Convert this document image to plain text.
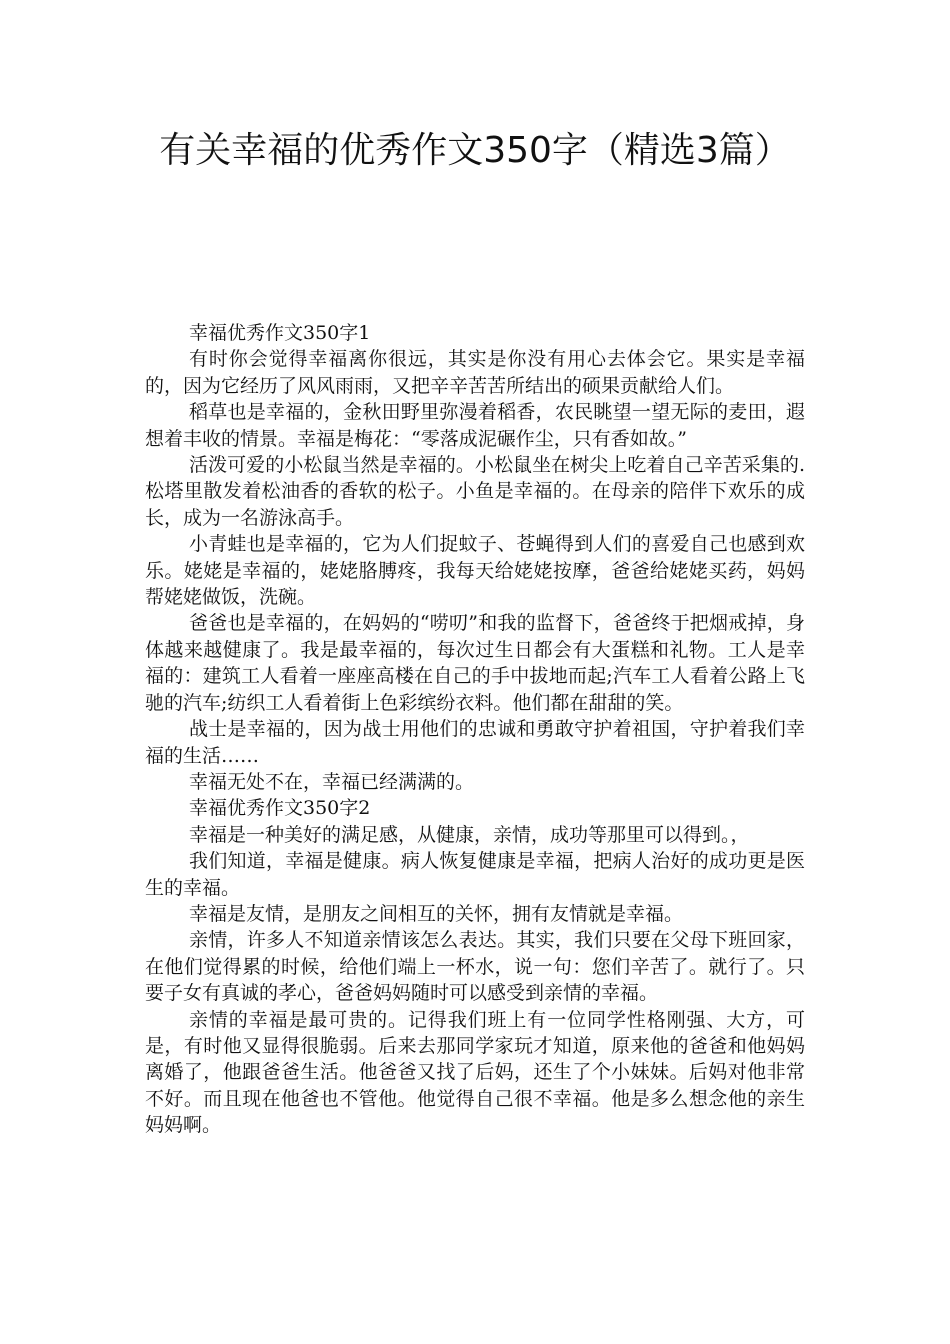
有关幸福的优秀作文350字（精选3篇）

幸福优秀作文350字1

有时你会觉得幸福离你很远，其实是你没有用心去体会它。果实是幸福的，因为它经历了风风雨雨，又把辛辛苦苦所结出的硕果贡献给人们。

稻草也是幸福的，金秋田野里弥漫着稻香，农民眺望一望无际的麦田，遐想着丰收的情景。幸福是梅花：“零落成泥碾作尘，只有香如故。”

活泼可爱的小松鼠当然是幸福的。小松鼠坐在树尖上吃着自己辛苦采集的.松塔里散发着松油香的香软的松子。小鱼是幸福的。在母亲的陪伴下欢乐的成长，成为一名游泳高手。

小青蛙也是幸福的，它为人们捉蚊子、苍蝇得到人们的喜爱自己也感到欢乐。姥姥是幸福的，姥姥胳膊疼，我每天给姥姥按摩，爸爸给姥姥买药，妈妈帮姥姥做饭，洗碗。

爸爸也是幸福的，在妈妈的“唠叨”和我的监督下，爸爸终于把烟戒掉，身体越来越健康了。我是最幸福的，每次过生日都会有大蛋糕和礼物。工人是幸福的：建筑工人看着一座座高楼在自己的手中拔地而起;汽车工人看着公路上飞驰的汽车;纺织工人看着街上色彩缤纷衣料。他们都在甜甜的笑。

战士是幸福的，因为战士用他们的忠诚和勇敢守护着祖国，守护着我们幸福的生活……

幸福无处不在，幸福已经满满的。

幸福优秀作文350字2

幸福是一种美好的满足感，从健康，亲情，成功等那里可以得到。，

我们知道，幸福是健康。病人恢复健康是幸福，把病人治好的成功更是医生的幸福。

幸福是友情，是朋友之间相互的关怀，拥有友情就是幸福。

亲情，许多人不知道亲情该怎么表达。其实，我们只要在父母下班回家，在他们觉得累的时候，给他们端上一杯水，说一句：您们辛苦了。就行了。只要子女有真诚的孝心，爸爸妈妈随时可以感受到亲情的幸福。

亲情的幸福是最可贵的。记得我们班上有一位同学性格刚强、大方，可是，有时他又显得很脆弱。后来去那同学家玩才知道，原来他的爸爸和他妈妈离婚了，他跟爸爸生活。他爸爸又找了后妈，还生了个小妹妹。后妈对他非常不好。而且现在他爸也不管他。他觉得自己很不幸福。他是多么想念他的亲生妈妈啊。
